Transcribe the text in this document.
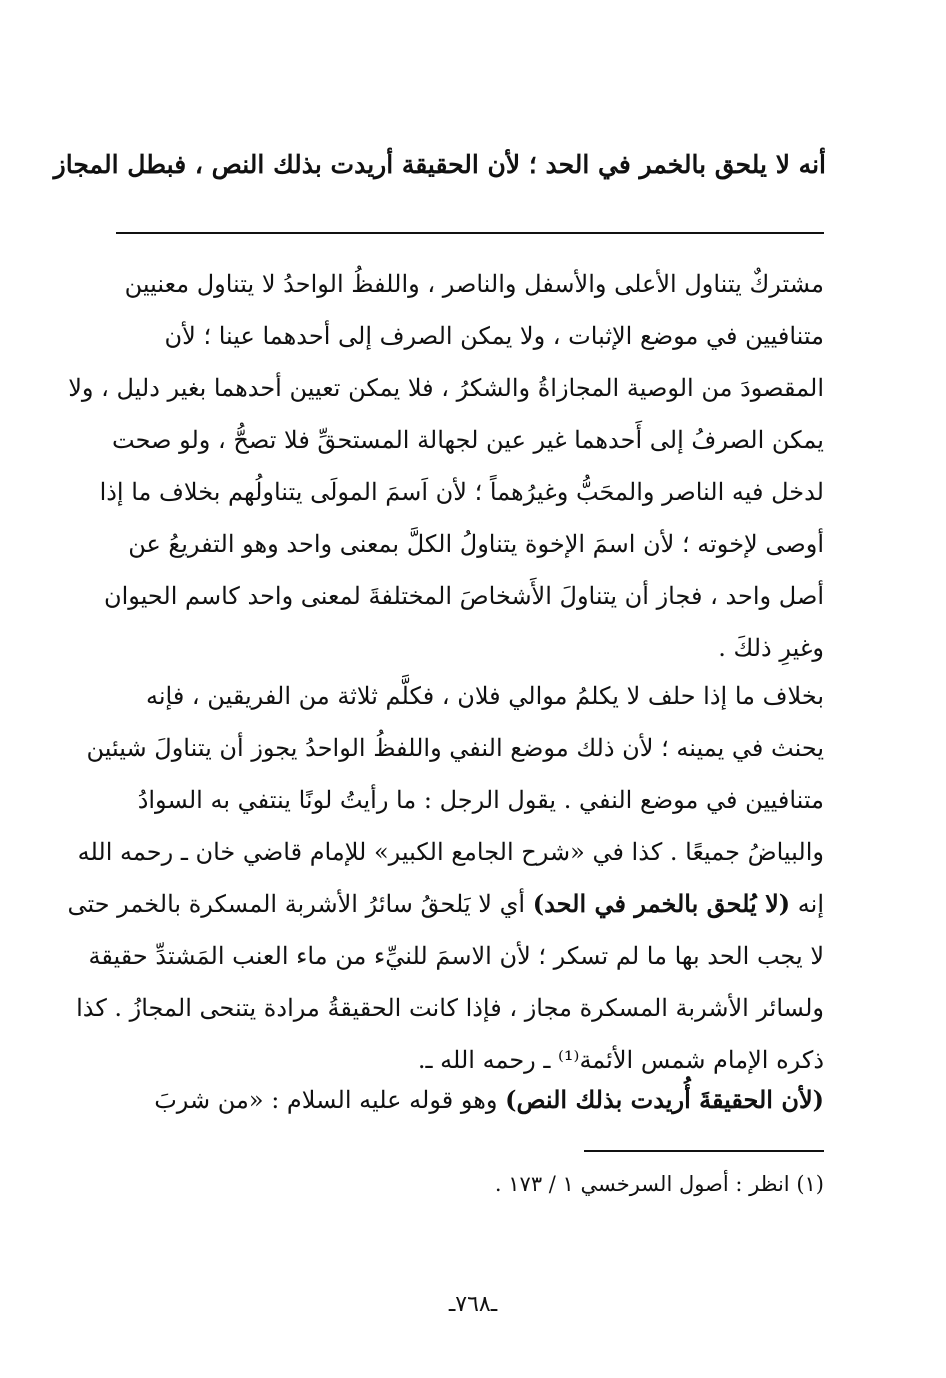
أنه لا يلحق بالخمر في الحد ؛ لأن الحقيقة أريدت بذلك النص ، فبطل المجاز
مشتركٌ يتناول الأعلى والأسفل والناصر ، واللفظُ الواحدُ لا يتناول معنيين
متنافيين في موضع الإثبات ، ولا يمكن الصرف إلى أحدهما عينا ؛ لأن
المقصودَ من الوصية المجازاةُ والشكرُ ، فلا يمكن تعيين أحدهما بغير دليل ، ولا
يمكن الصرفُ إلى أَحدهما غير عين لجهالة المستحقِّ فلا تصحُّ ، ولو صحت
لدخل فيه الناصر والمحَبُّ وغيرُهماً ؛ لأن اَسمَ المولَى يتناولُهم بخلاف ما إذا
أوصى لإخوته ؛ لأن اسمَ الإخوة يتناولُ الكلَّ بمعنى واحد وهو التفريعُ عن
أصل واحد ، فجاز أن يتناولَ الأَشخاصَ المختلفةَ لمعنى واحد كاسم الحيوان
وغيرِ ذلكَ .
بخلاف ما إذا حلف لا يكلمُ موالي فلان ، فكلَّم ثلاثة من الفريقين ، فإنه
يحنث في يمينه ؛ لأن ذلك موضع النفي واللفظُ الواحدُ يجوز أن يتناولَ شيئين
متنافيين في موضع النفي . يقول الرجل : ما رأيتُ لونًا ينتفي به السوادُ
والبياضُ جميعًا . كذا في «شرح الجامع الكبير» للإمام قاضي خان ـ رحمه الله
إنه (لا يُلحق بالخمر في الحد) أي لا يَلحقُ سائرُ الأشربة المسكرة بالخمر حتى
لا يجب الحد بها ما لم تسكر ؛ لأن الاسمَ للنيِّء من ماء العنب المَشتدِّ حقيقة
ولسائر الأشربة المسكرة مجاز ، فإذا كانت الحقيقةُ مرادة يتنحى المجازُ . كذا
ذكره الإمام شمس الأئمة⁽¹⁾ ـ رحمه الله ـ.
(لأن الحقيقةَ أُريدت بذلك النص) وهو قوله عليه السلام : «من شربَ
(١) انظر : أصول السرخسي ١ / ١٧٣ .
ـ٧٦٨ـ
